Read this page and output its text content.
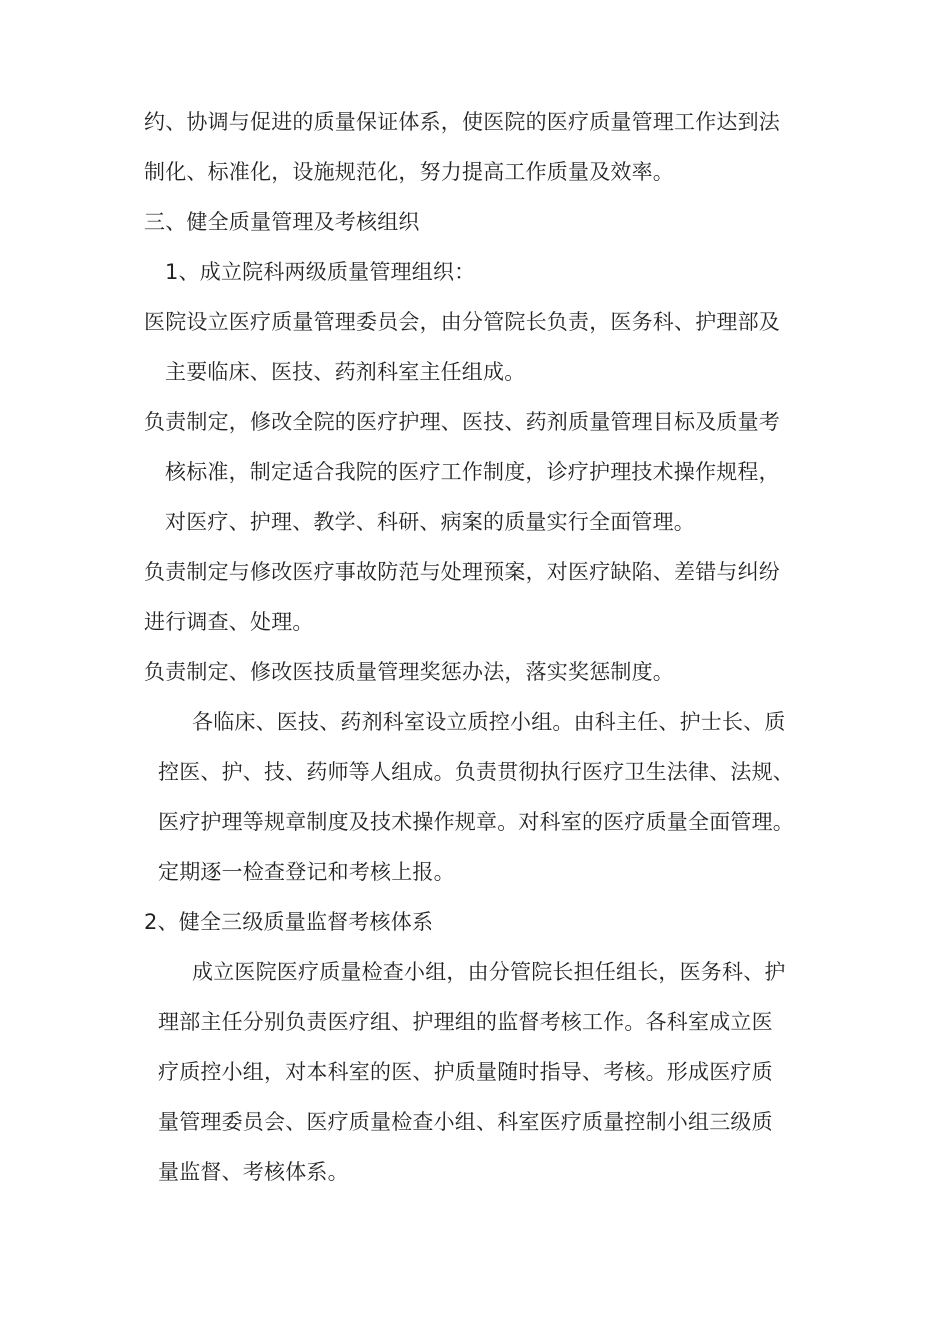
约、协调与促进的质量保证体系，使医院的医疗质量管理工作达到法
制化、标准化，设施规范化，努力提高工作质量及效率。
三、健全质量管理及考核组织
1、成立院科两级质量管理组织：
医院设立医疗质量管理委员会，由分管院长负责，医务科、护理部及
主要临床、医技、药剂科室主任组成。
负责制定，修改全院的医疗护理、医技、药剂质量管理目标及质量考
核标准，制定适合我院的医疗工作制度，诊疗护理技术操作规程，
对医疗、护理、教学、科研、病案的质量实行全面管理。
负责制定与修改医疗事故防范与处理预案，对医疗缺陷、差错与纠纷
进行调查、处理。
负责制定、修改医技质量管理奖惩办法，落实奖惩制度。
各临床、医技、药剂科室设立质控小组。由科主任、护士长、质
控医、护、技、药师等人组成。负责贯彻执行医疗卫生法律、法规、
医疗护理等规章制度及技术操作规章。对科室的医疗质量全面管理。
定期逐一检查登记和考核上报。
2、健全三级质量监督考核体系
成立医院医疗质量检查小组，由分管院长担任组长，医务科、护
理部主任分别负责医疗组、护理组的监督考核工作。各科室成立医
疗质控小组，对本科室的医、护质量随时指导、考核。形成医疗质
量管理委员会、医疗质量检查小组、科室医疗质量控制小组三级质
量监督、考核体系。
